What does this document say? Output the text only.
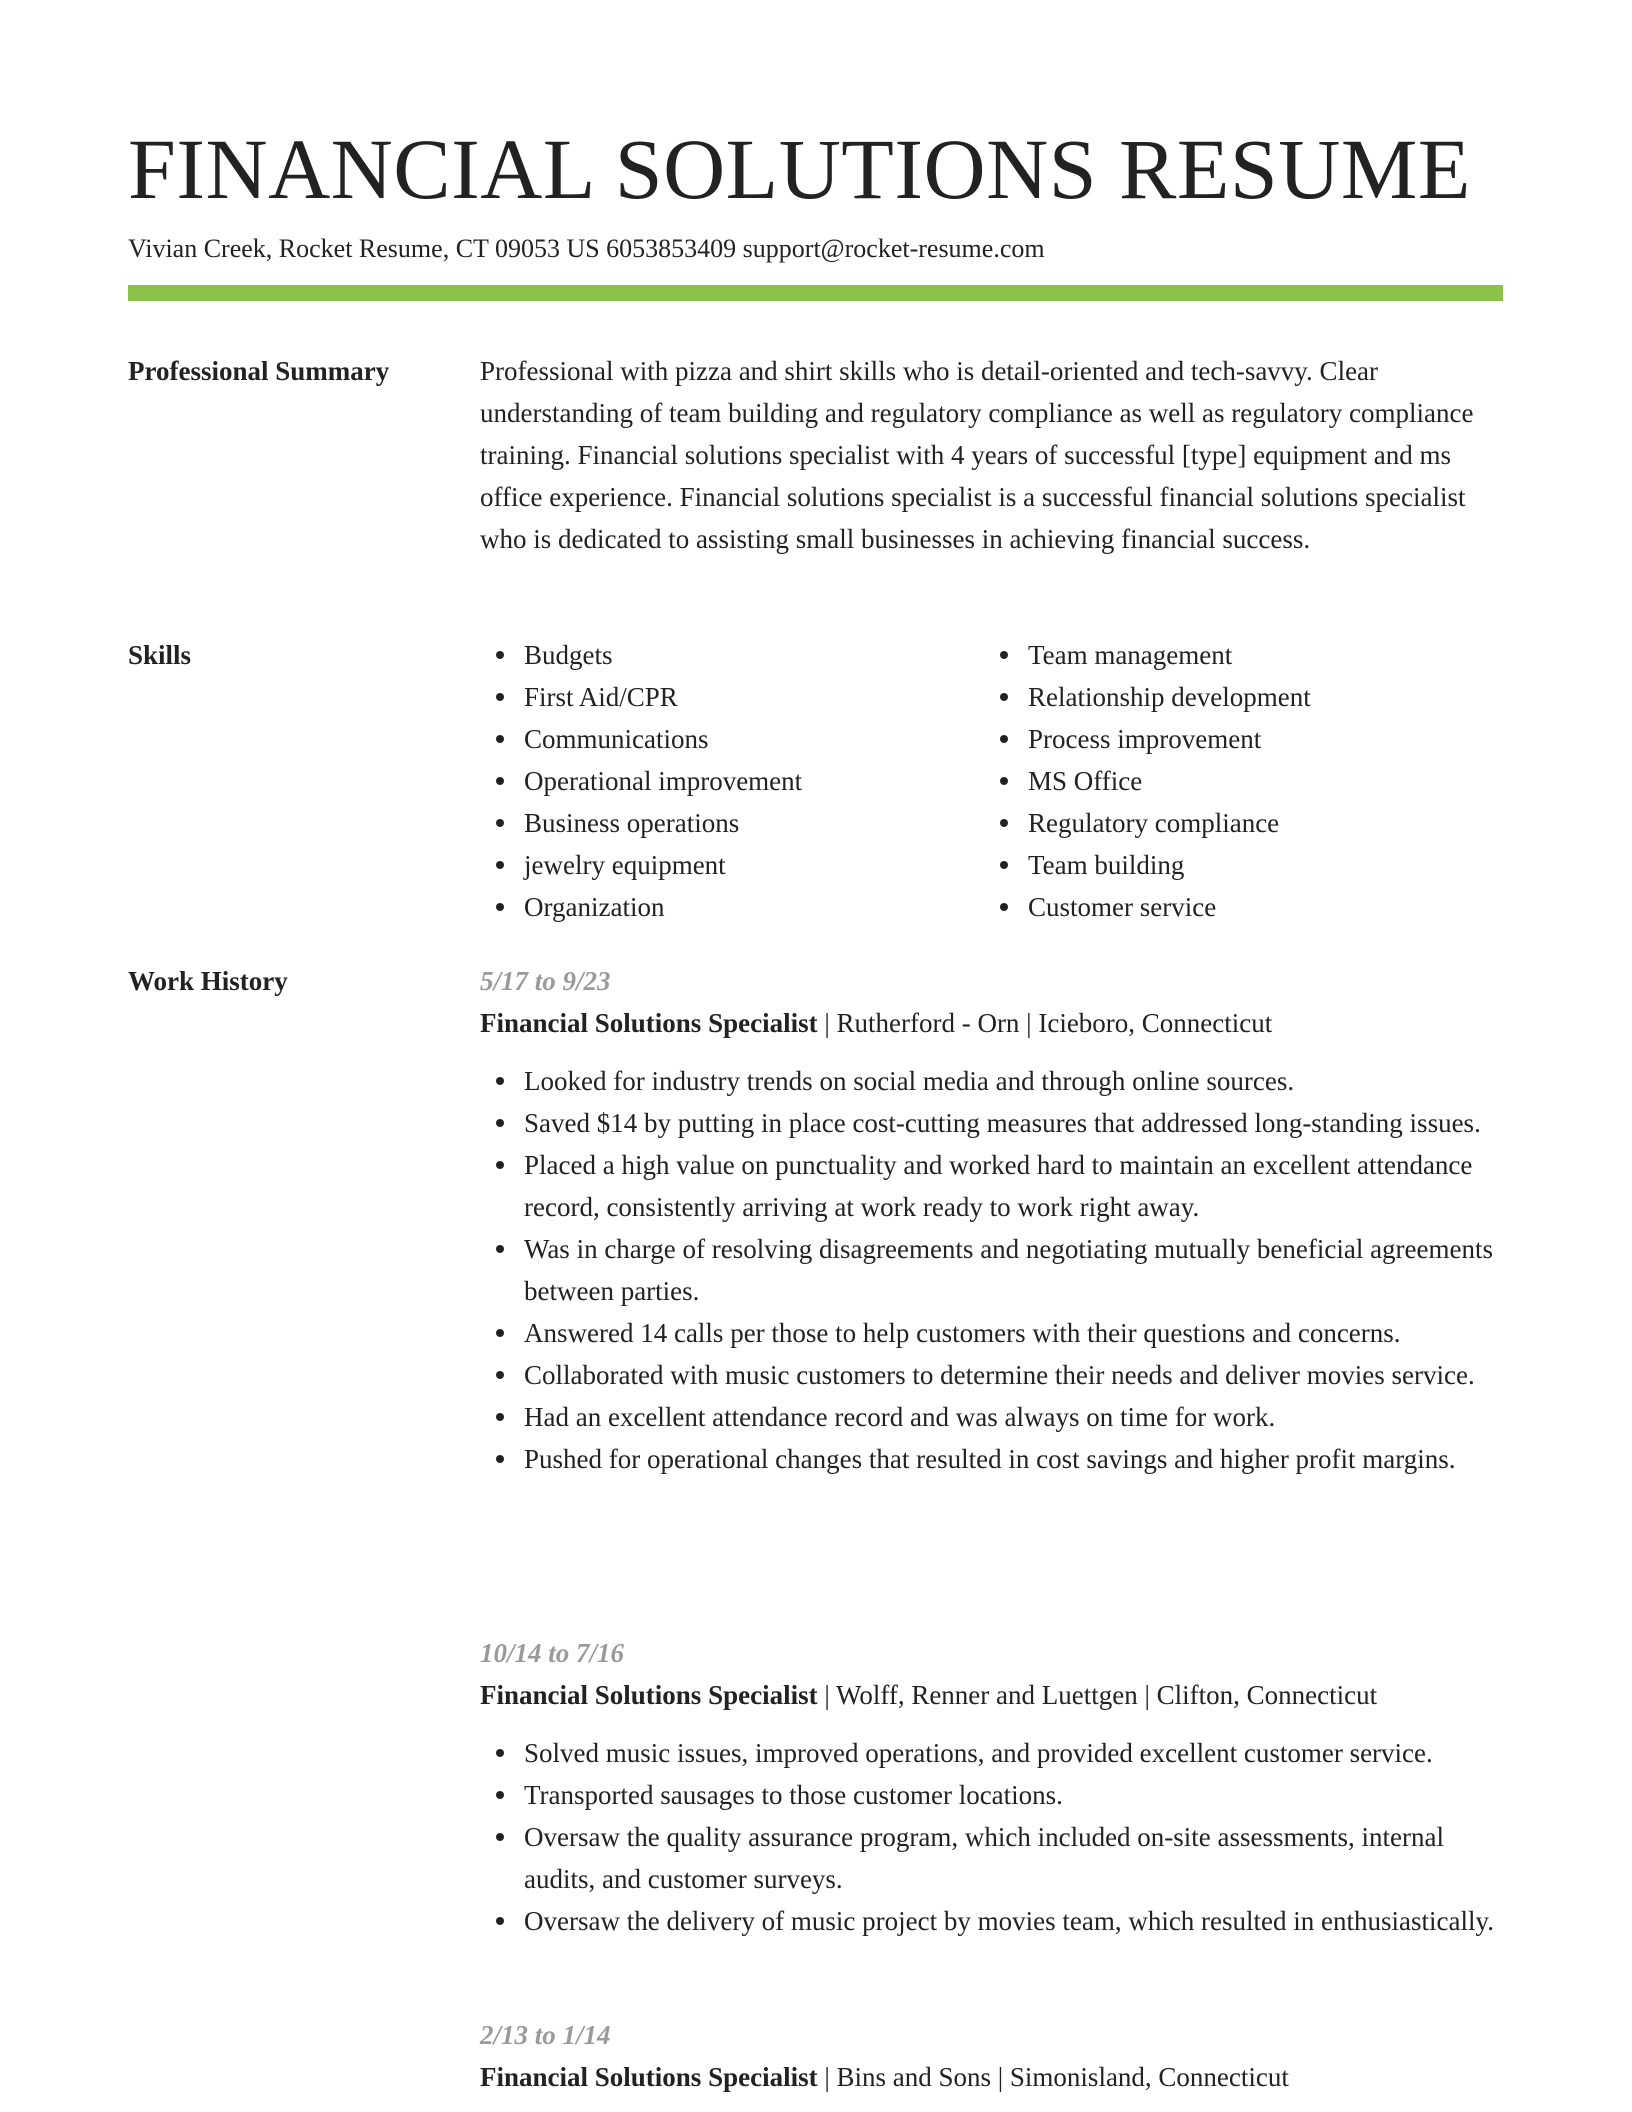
FINANCIAL SOLUTIONS RESUME
Vivian Creek, Rocket Resume, CT 09053 US 6053853409 support@rocket-resume.com
Professional Summary	Professional with pizza and shirt skills who is detail-oriented and tech-savvy. Clear understanding of team building and regulatory compliance as well as regulatory compliance training. Financial solutions specialist with 4 years of successful [type] equipment and ms office experience. Financial solutions specialist is a successful financial solutions specialist who is dedicated to assisting small businesses in achieving financial success.

Skills	Budgets
First Aid/CPR
Communications
Operational improvement
Business operations
jewelry equipment
Organization
Team management
Relationship development
Process improvement
MS Office
Regulatory compliance
Team building
Customer service
Work History	5/17 to 9/23
Financial Solutions Specialist | Rutherford - Orn | Icieboro, Connecticut
Looked for industry trends on social media and through online sources.
Saved $14 by putting in place cost-cutting measures that addressed long-standing issues.
Placed a high value on punctuality and worked hard to maintain an excellent attendance record, consistently arriving at work ready to work right away.
Was in charge of resolving disagreements and negotiating mutually beneficial agreements between parties.
Answered 14 calls per those to help customers with their questions and concerns.
Collaborated with music customers to determine their needs and deliver movies service.
Had an excellent attendance record and was always on time for work.
Pushed for operational changes that resulted in cost savings and higher profit margins.
10/14 to 7/16
Financial Solutions Specialist | Wolff, Renner and Luettgen | Clifton, Connecticut
Solved music issues, improved operations, and provided excellent customer service.
Transported sausages to those customer locations.
Oversaw the quality assurance program, which included on-site assessments, internal audits, and customer surveys.
Oversaw the delivery of music project by movies team, which resulted in enthusiastically.
2/13 to 1/14
Financial Solutions Specialist | Bins and Sons | Simonisland, Connecticut
